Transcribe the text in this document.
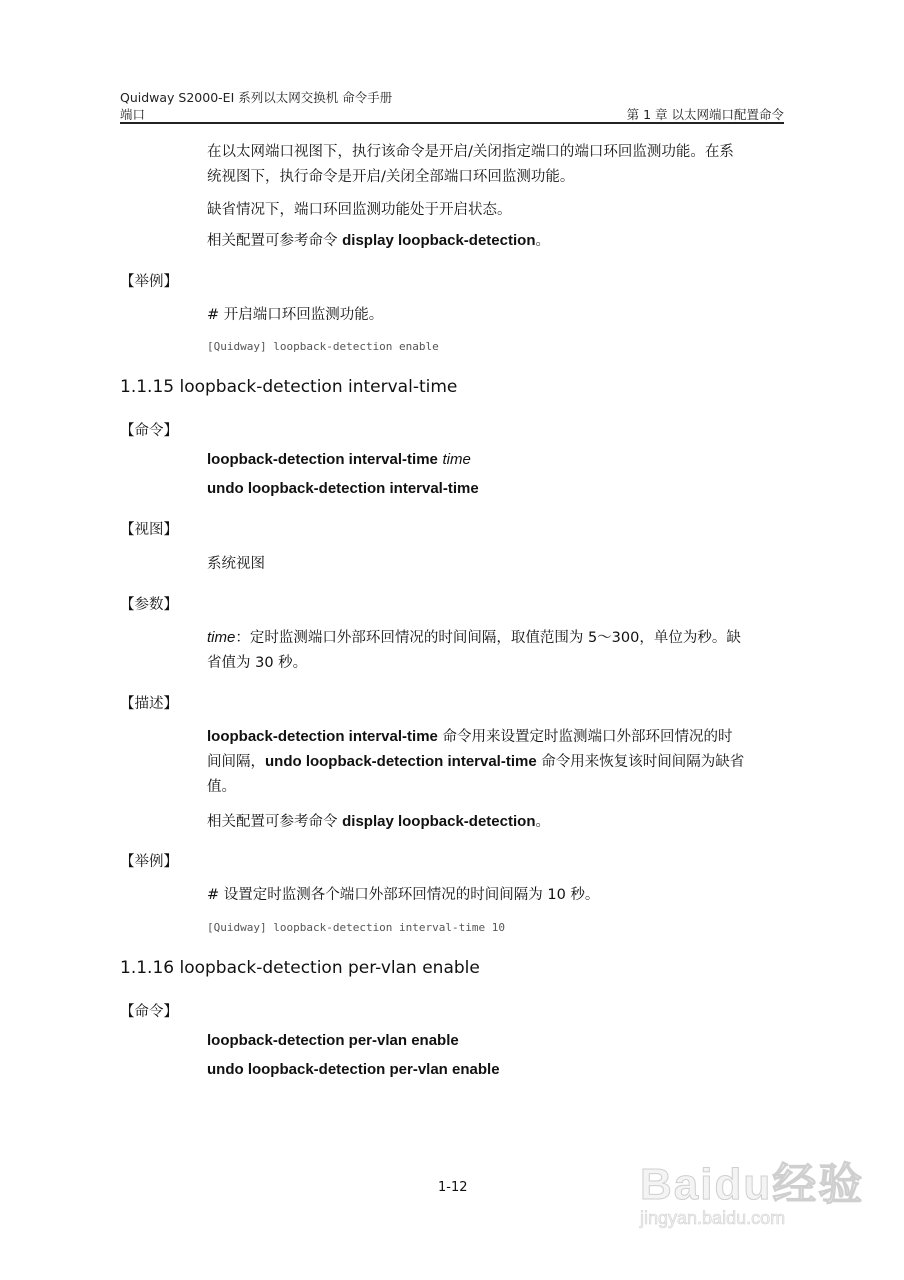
Quidway S2000-EI 系列以太网交换机 命令手册
端口	第 1 章 以太网端口配置命令
在以太网端口视图下，执行该命令是开启/关闭指定端口的端口环回监测功能。在系
统视图下，执行命令是开启/关闭全部端口环回监测功能。
缺省情况下，端口环回监测功能处于开启状态。
相关配置可参考命令 display loopback-detection。
【举例】
# 开启端口环回监测功能。
[Quidway] loopback-detection enable
1.1.15 loopback-detection interval-time
【命令】
loopback-detection interval-time time
undo loopback-detection interval-time
【视图】
系统视图
【参数】
time：定时监测端口外部环回情况的时间间隔，取值范围为 5～300，单位为秒。缺
省值为 30 秒。
【描述】
loopback-detection interval-time 命令用来设置定时监测端口外部环回情况的时
间间隔，undo loopback-detection interval-time 命令用来恢复该时间间隔为缺省
值。
相关配置可参考命令 display loopback-detection。
【举例】
# 设置定时监测各个端口外部环回情况的时间间隔为 10 秒。
[Quidway] loopback-detection interval-time 10
1.1.16 loopback-detection per-vlan enable
【命令】
loopback-detection per-vlan enable
undo loopback-detection per-vlan enable
1-12	Baidu经验
jingyan.baidu.com
